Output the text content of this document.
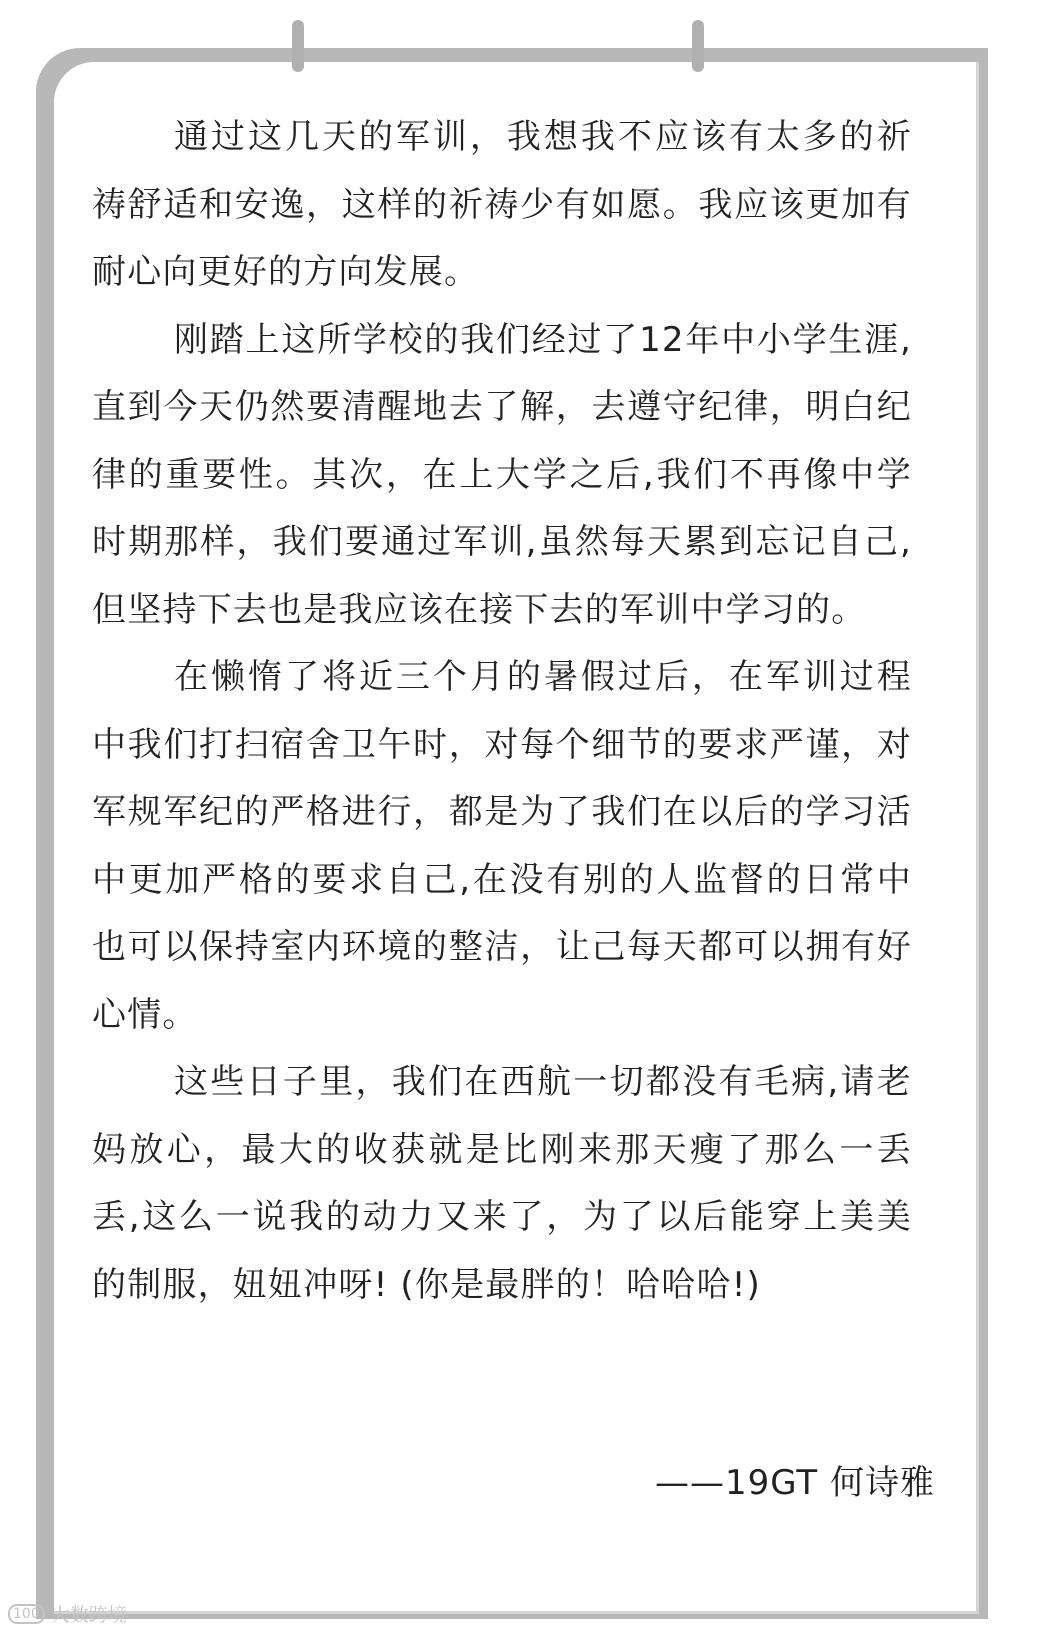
通过这几天的军训，我想我不应该有太多的祈祷舒适和安逸，这样的祈祷少有如愿。我应该更加有耐心向更好的方向发展。

刚踏上这所学校的我们经过了12年中小学生涯,直到今天仍然要清醒地去了解，去遵守纪律，明白纪律的重要性。其次，在上大学之后,我们不再像中学时期那样，我们要通过军训,虽然每天累到忘记自己,但坚持下去也是我应该在接下去的军训中学习的。

在懒惰了将近三个月的暑假过后，在军训过程中我们打扫宿舍卫午时，对每个细节的要求严谨，对军规军纪的严格进行，都是为了我们在以后的学习活中更加严格的要求自己,在没有别的人监督的日常中也可以保持室内环境的整洁，让己每天都可以拥有好心情。

这些日子里，我们在西航一切都没有毛病,请老妈放心，最大的收获就是比刚来那天瘦了那么一丢丢,这么一说我的动力又来了，为了以后能穿上美美的制服，妞妞冲呀! (你是最胖的！哈哈哈!)

——19GT 何诗雅
100 大数跨境
